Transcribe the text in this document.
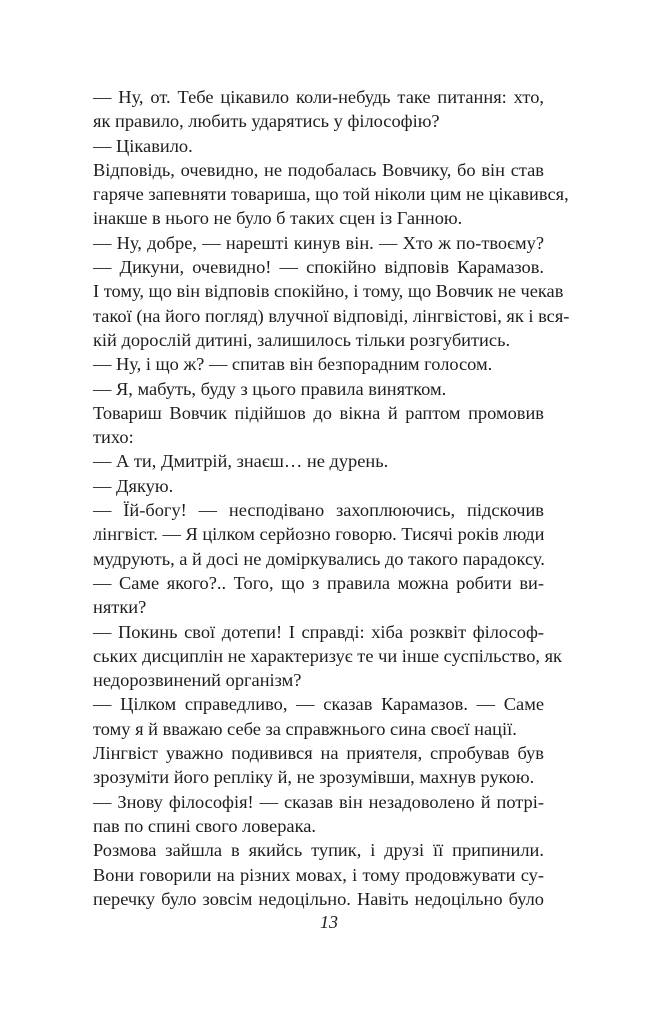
— Ну, от. Тебе цікавило коли-небудь таке питання: хто,
як правило, любить ударятись у філософію?
— Цікавило.
Відповідь, очевидно, не подобалась Вовчику, бо він став
гаряче запевняти товариша, що той ніколи цим не цікавився,
інакше в нього не було б таких сцен із Ганною.
— Ну, добре, — нарешті кинув він. — Хто ж по-твоєму?
— Дикуни, очевидно! — спокійно відповів Карамазов.
І тому, що він відповів спокійно, і тому, що Вовчик не чекав
такої (на його погляд) влучної відповіді, лінгвістові, як і вся-
кій дорослій дитині, залишилось тільки розгубитись.
— Ну, і що ж? — спитав він безпорадним голосом.
— Я, мабуть, буду з цього правила винятком.
Товариш Вовчик підійшов до вікна й раптом промовив
тихо:
— А ти, Дмитрій, знаєш… не дурень.
— Дякую.
— Їй-богу! — несподівано захоплюючись, підскочив
лінгвіст. — Я цілком серйозно говорю. Тисячі років люди
мудрують, а й досі не доміркувались до такого парадоксу.
— Саме якого?.. Того, що з правила можна робити ви-
нятки?
— Покинь свої дотепи! І справді: хіба розквіт філософ-
ських дисциплін не характеризує те чи інше суспільство, як
недорозвинений організм?
— Цілком справедливо, — сказав Карамазов. — Саме
тому я й вважаю себе за справжнього сина своєї нації.
Лінгвіст уважно подивився на приятеля, спробував був
зрозуміти його репліку й, не зрозумівши, махнув рукою.
— Знову філософія! — сказав він незадоволено й потрі-
пав по спині свого ловерака.
Розмова зайшла в якийсь тупик, і друзі її припинили.
Вони говорили на різних мовах, і тому продовжувати су-
перечку було зовсім недоцільно. Навіть недоцільно було
13
